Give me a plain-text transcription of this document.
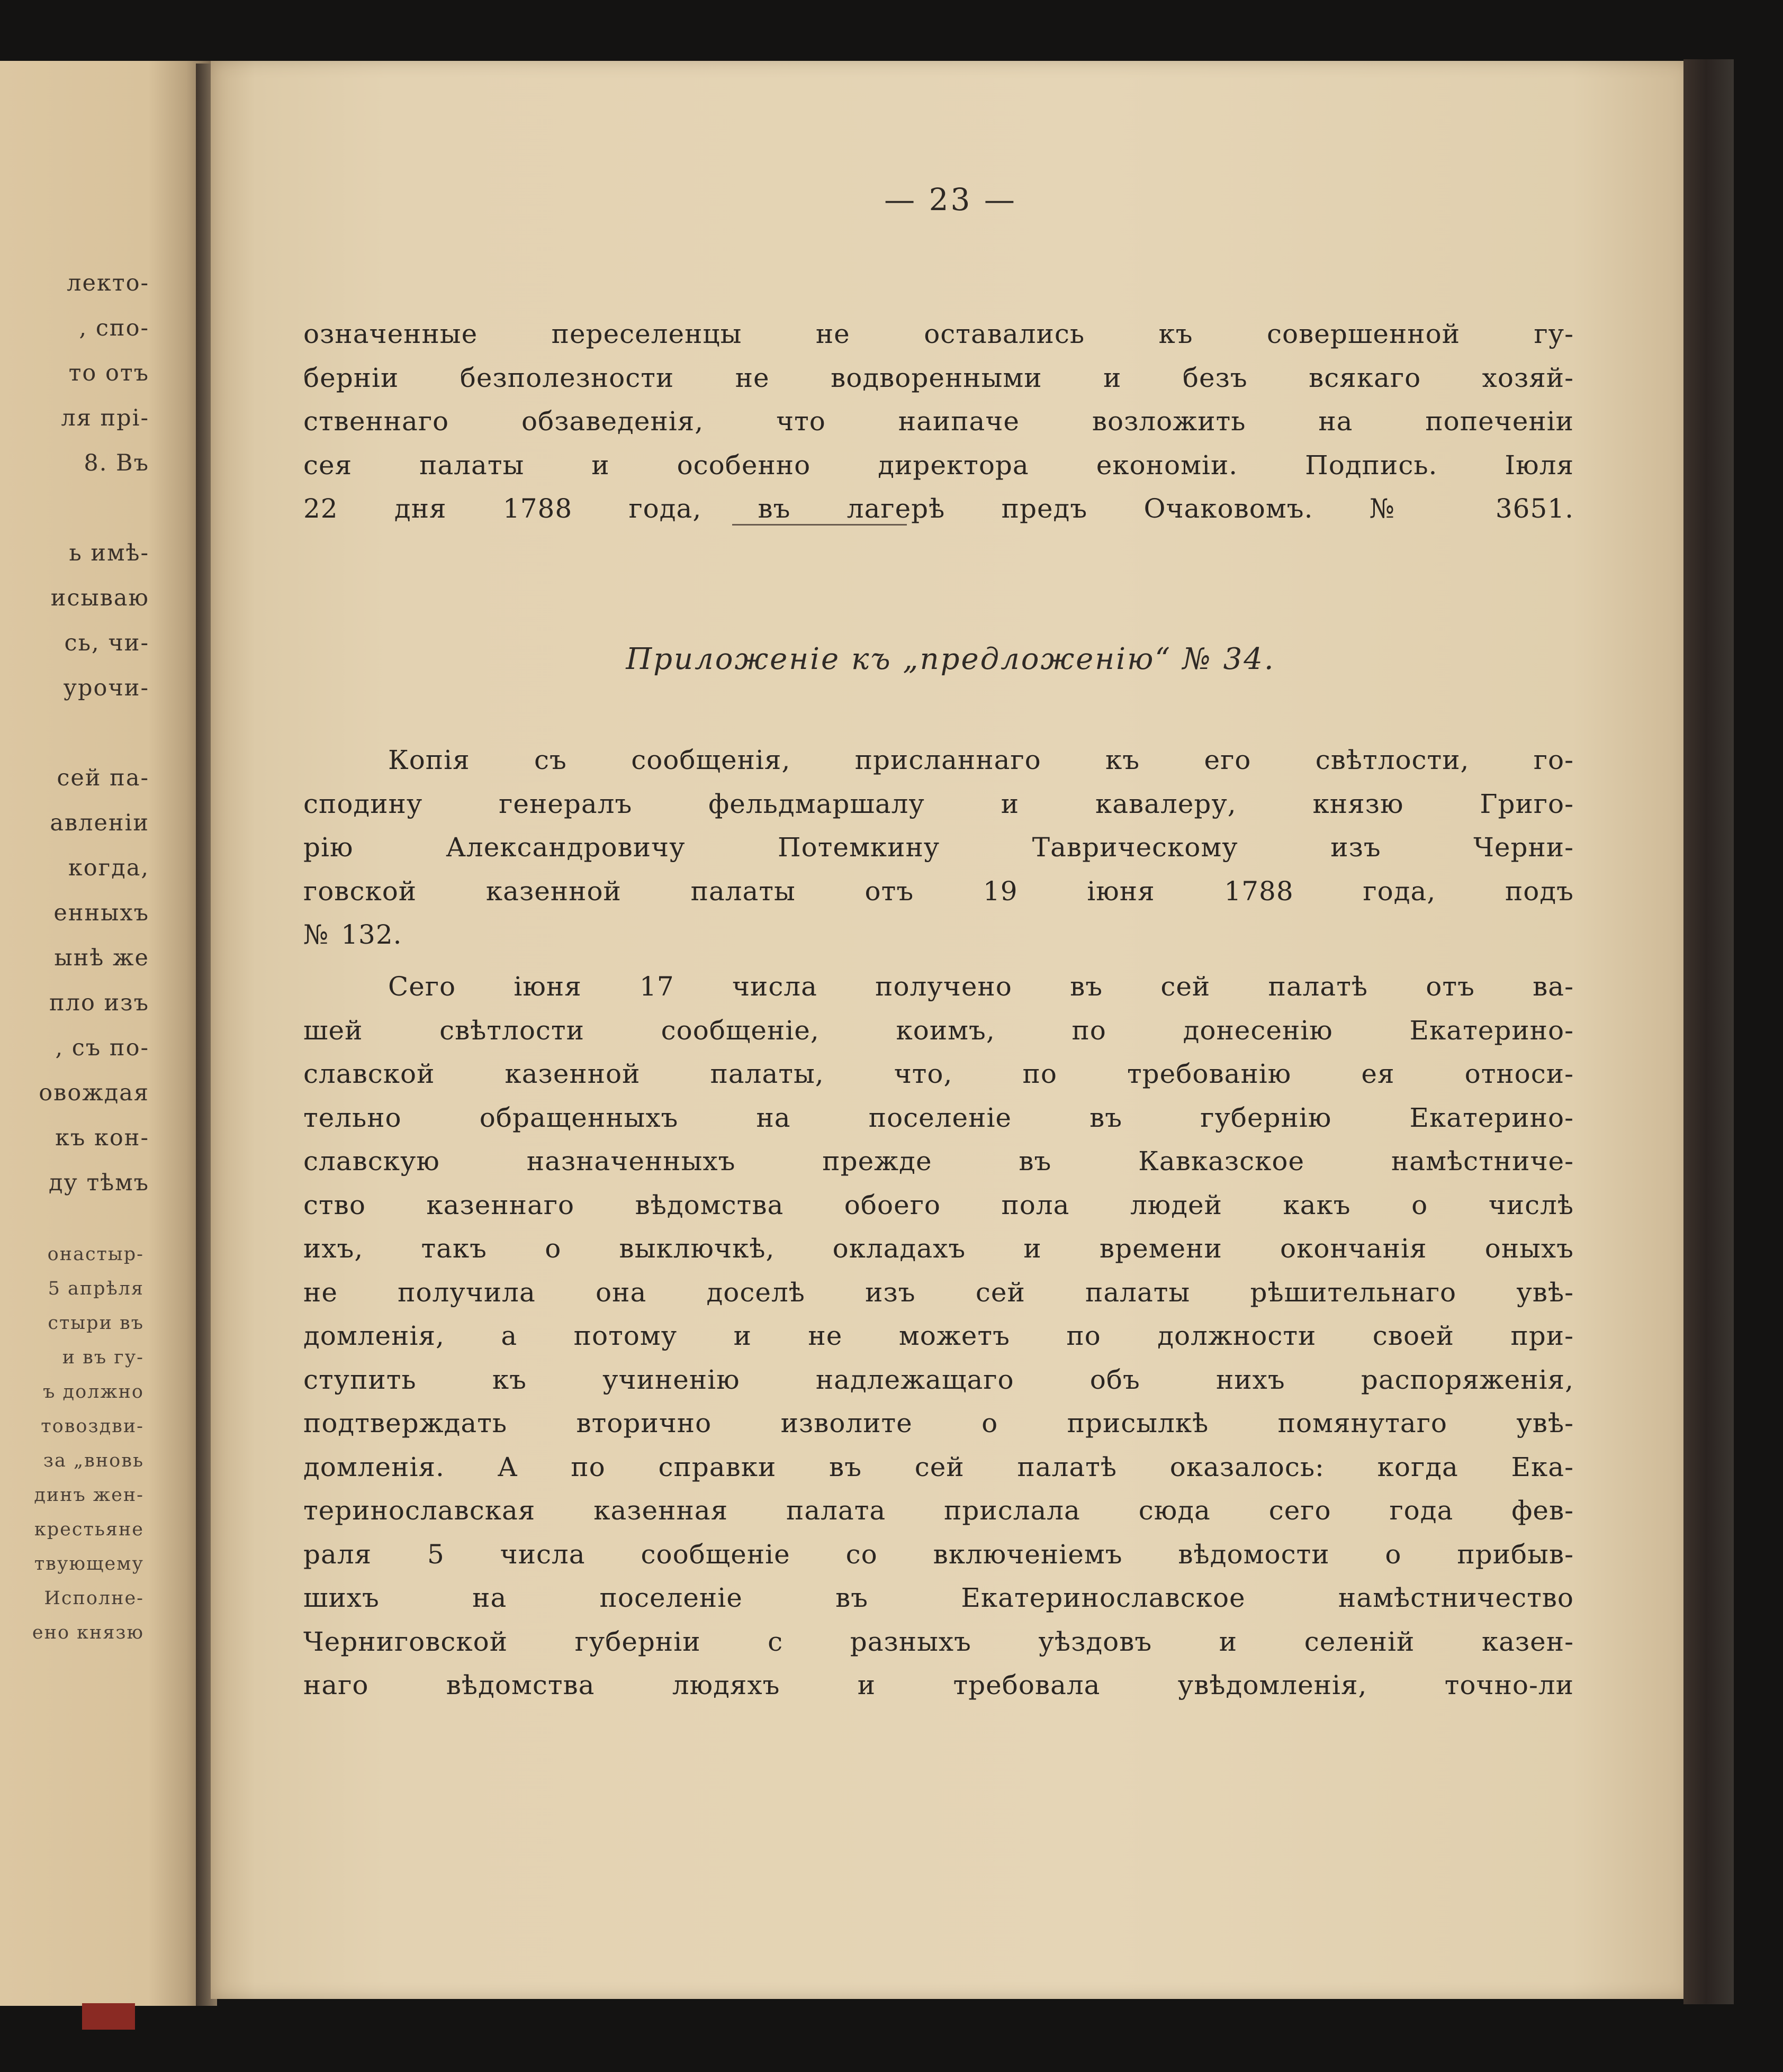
лекто-
, спо-
то отъ
ля прі-
8. Въ
ь имѣ-
исываю
сь, чи-
урочи-
сей па-
авленіи
когда,
енныхъ
ынѣ же
пло изъ
, съ по-
овождая
къ кон-
ду тѣмъ
онастыр-
5 апрѣля
стыри въ
и въ гу-
ъ должно
товоздви-
за „вновь
динъ жен-
крестьяне
твующему
Исполне-
ено князю
— 23 —
означенные переселенцы не оставались къ совершенной гу-
берніи безполезности не водворенными и безъ всякаго хозяй-
ственнаго обзаведенія, что наипаче возложить на попеченіи
сея палаты и особенно директора економіи. Подпись. Іюля
22 дня 1788 года, въ лагерѣ предъ Очаковомъ. № 3651.
Приложеніе къ „предложенію“ № 34.
Копія съ сообщенія, присланнаго къ его свѣтлости, го-
сподину генералъ фельдмаршалу и кавалеру, князю Григо-
рію Александровичу Потемкину Таврическому изъ Черни-
говской казенной палаты отъ 19 іюня 1788 года, подъ
№ 132.
Сего іюня 17 числа получено въ сей палатѣ отъ ва-
шей свѣтлости сообщеніе, коимъ, по донесенію Екатерино-
славской казенной палаты, что, по требованію ея относи-
тельно обращенныхъ на поселеніе въ губернію Екатерино-
славскую назначенныхъ прежде въ Кавказское намѣстниче-
ство казеннаго вѣдомства обоего пола людей какъ о числѣ
ихъ, такъ о выключкѣ, окладахъ и времени окончанія оныхъ
не получила она доселѣ изъ сей палаты рѣшительнаго увѣ-
домленія, а потому и не можетъ по должности своей при-
ступить къ учиненію надлежащаго объ нихъ распоряженія,
подтверждать вторично изволите о присылкѣ помянутаго увѣ-
домленія. А по справки въ сей палатѣ оказалось: когда Ека-
теринославская казенная палата прислала сюда сего года фев-
раля 5 числа сообщеніе со включеніемъ вѣдомости о прибыв-
шихъ на поселеніе въ Екатеринославское намѣстничество
Черниговской губерніи с разныхъ уѣздовъ и селеній казен-
наго вѣдомства людяхъ и требовала увѣдомленія, точно-ли
